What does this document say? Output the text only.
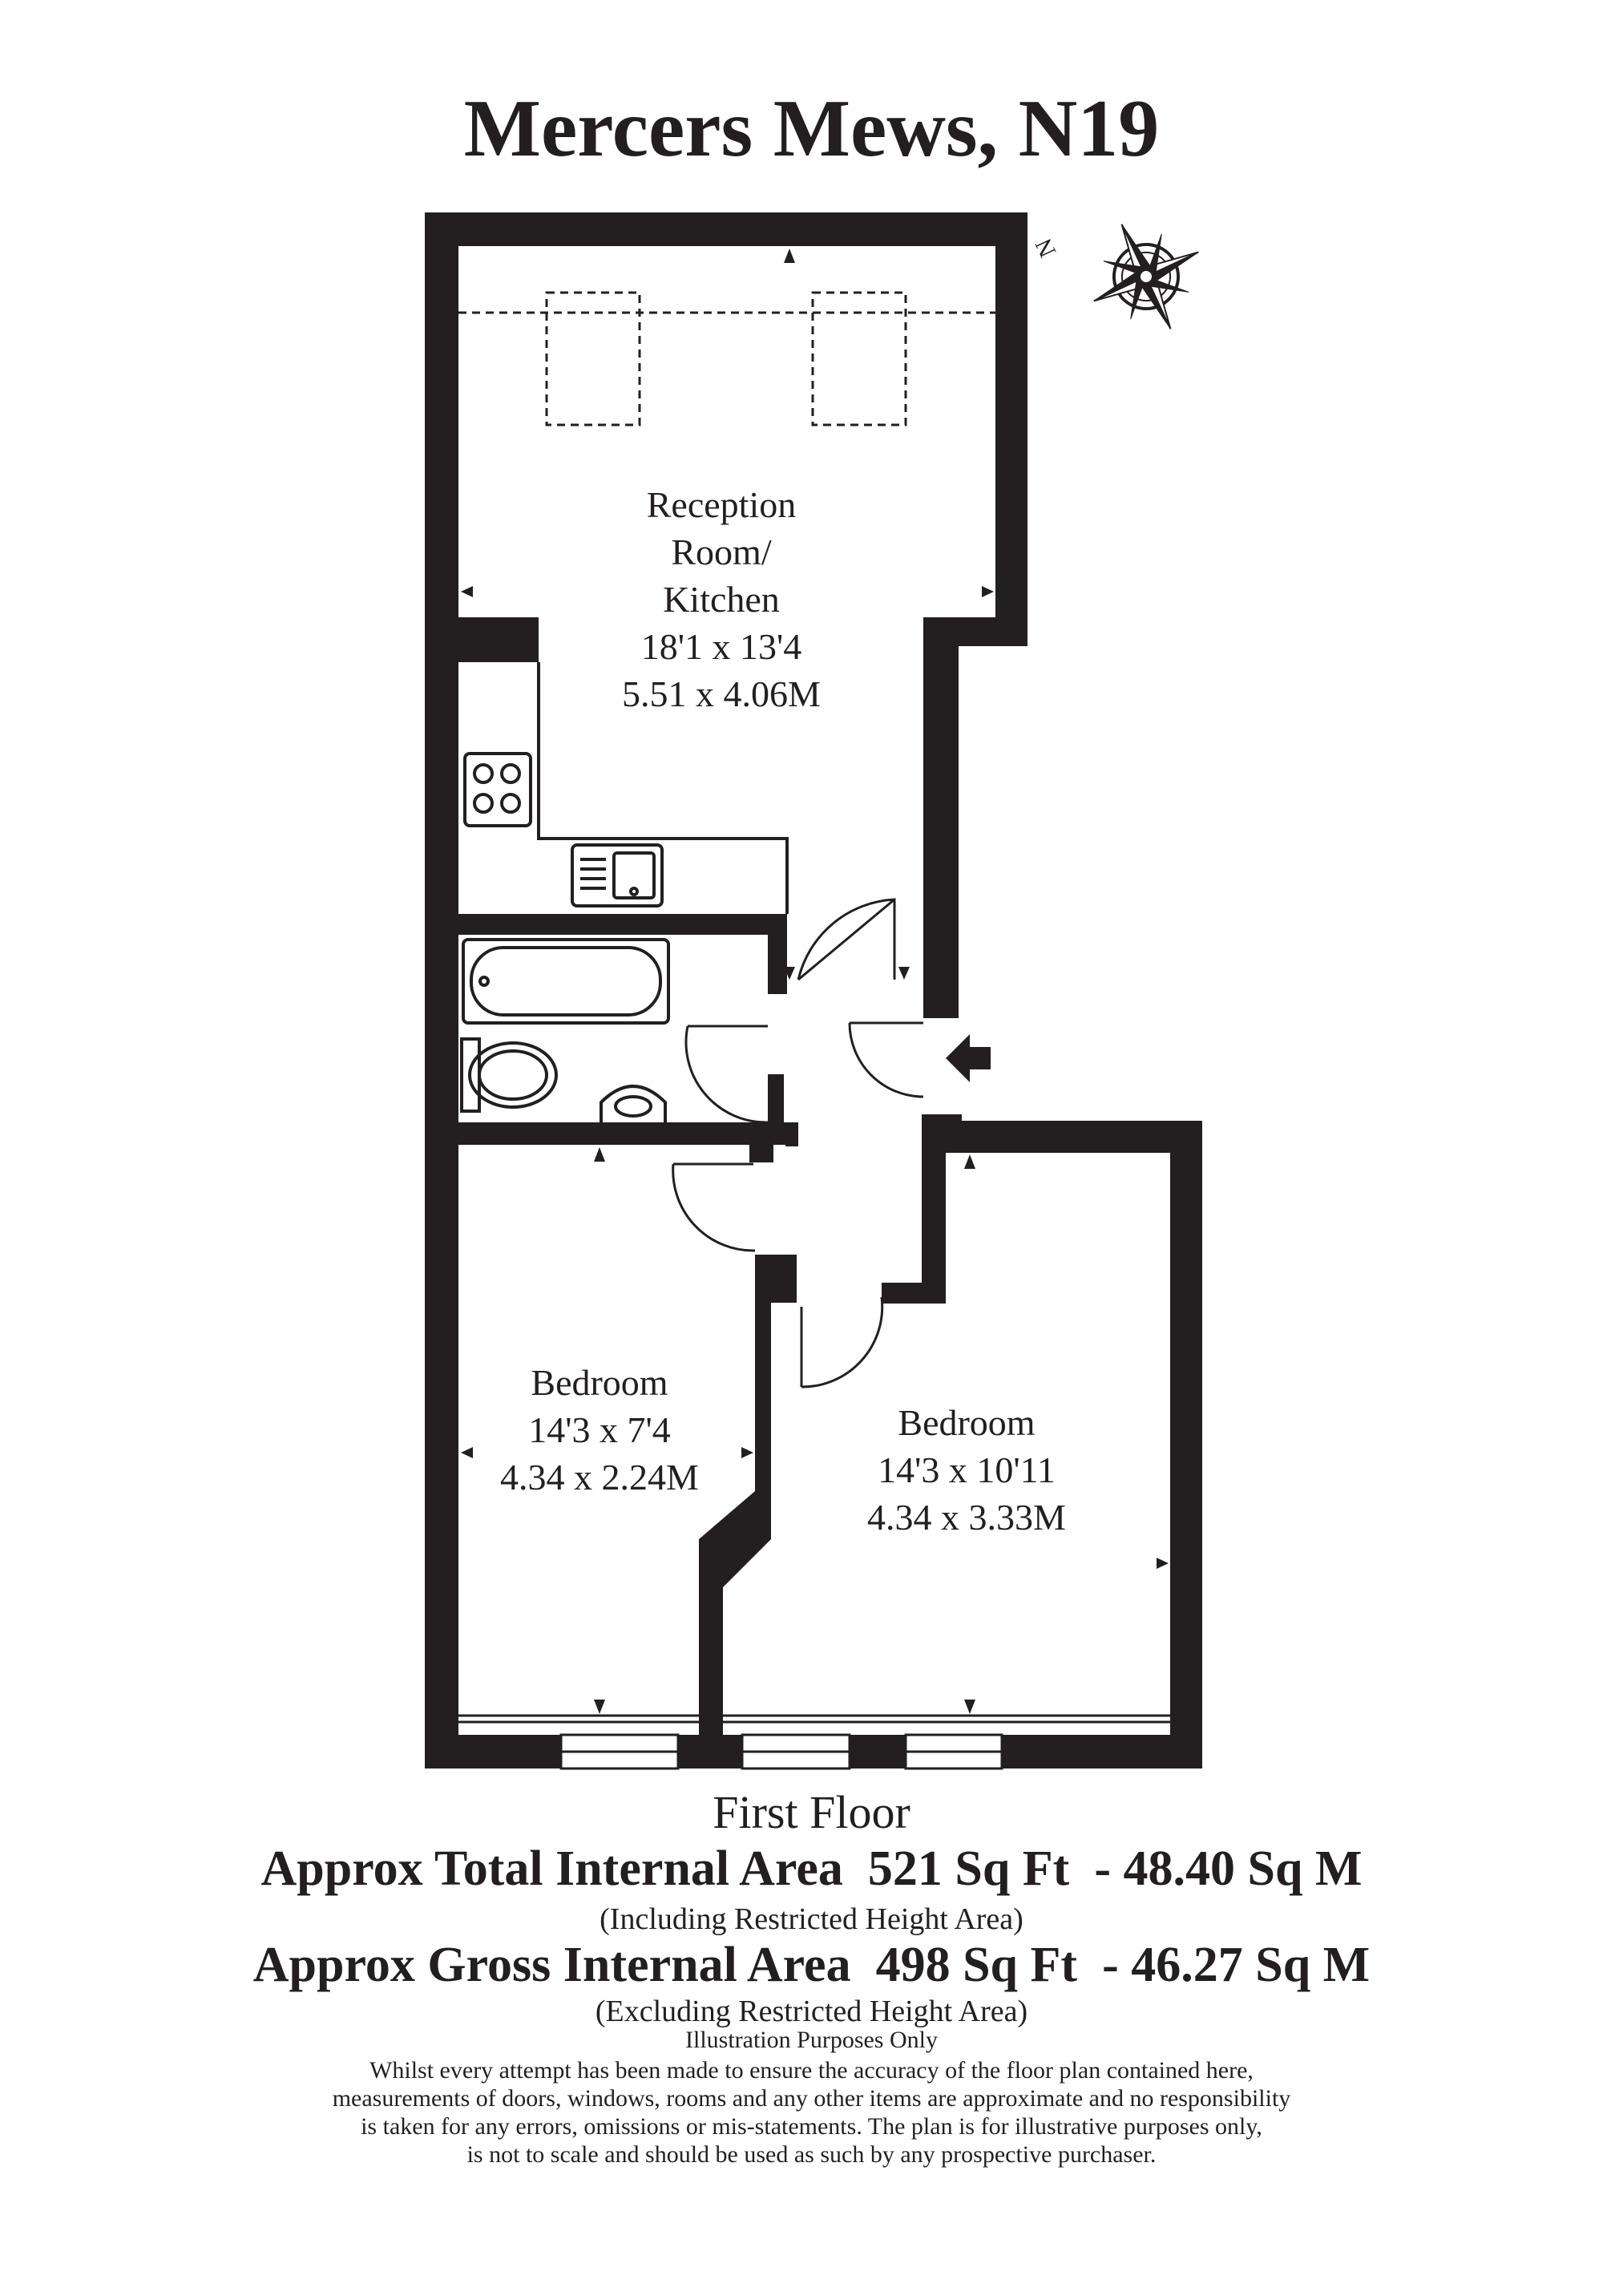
Mercers Mews, N19
N
Reception
Room/
Kitchen
18'1 x 13'4
5.51 x 4.06M
Bedroom
14'3 x 7'4
4.34 x 2.24M
Bedroom
14'3 x 10'11
4.34 x 3.33M
First Floor
Approx Total Internal Area 521 Sq Ft - 48.40 Sq M
(Including Restricted Height Area)
Approx Gross Internal Area 498 Sq Ft - 46.27 Sq M
(Excluding Restricted Height Area)
Illustration Purposes Only
Whilst every attempt has been made to ensure the accuracy of the floor plan contained here,
measurements of doors, windows, rooms and any other items are approximate and no responsibility
is taken for any errors, omissions or mis-statements. The plan is for illustrative purposes only,
is not to scale and should be used as such by any prospective purchaser.
